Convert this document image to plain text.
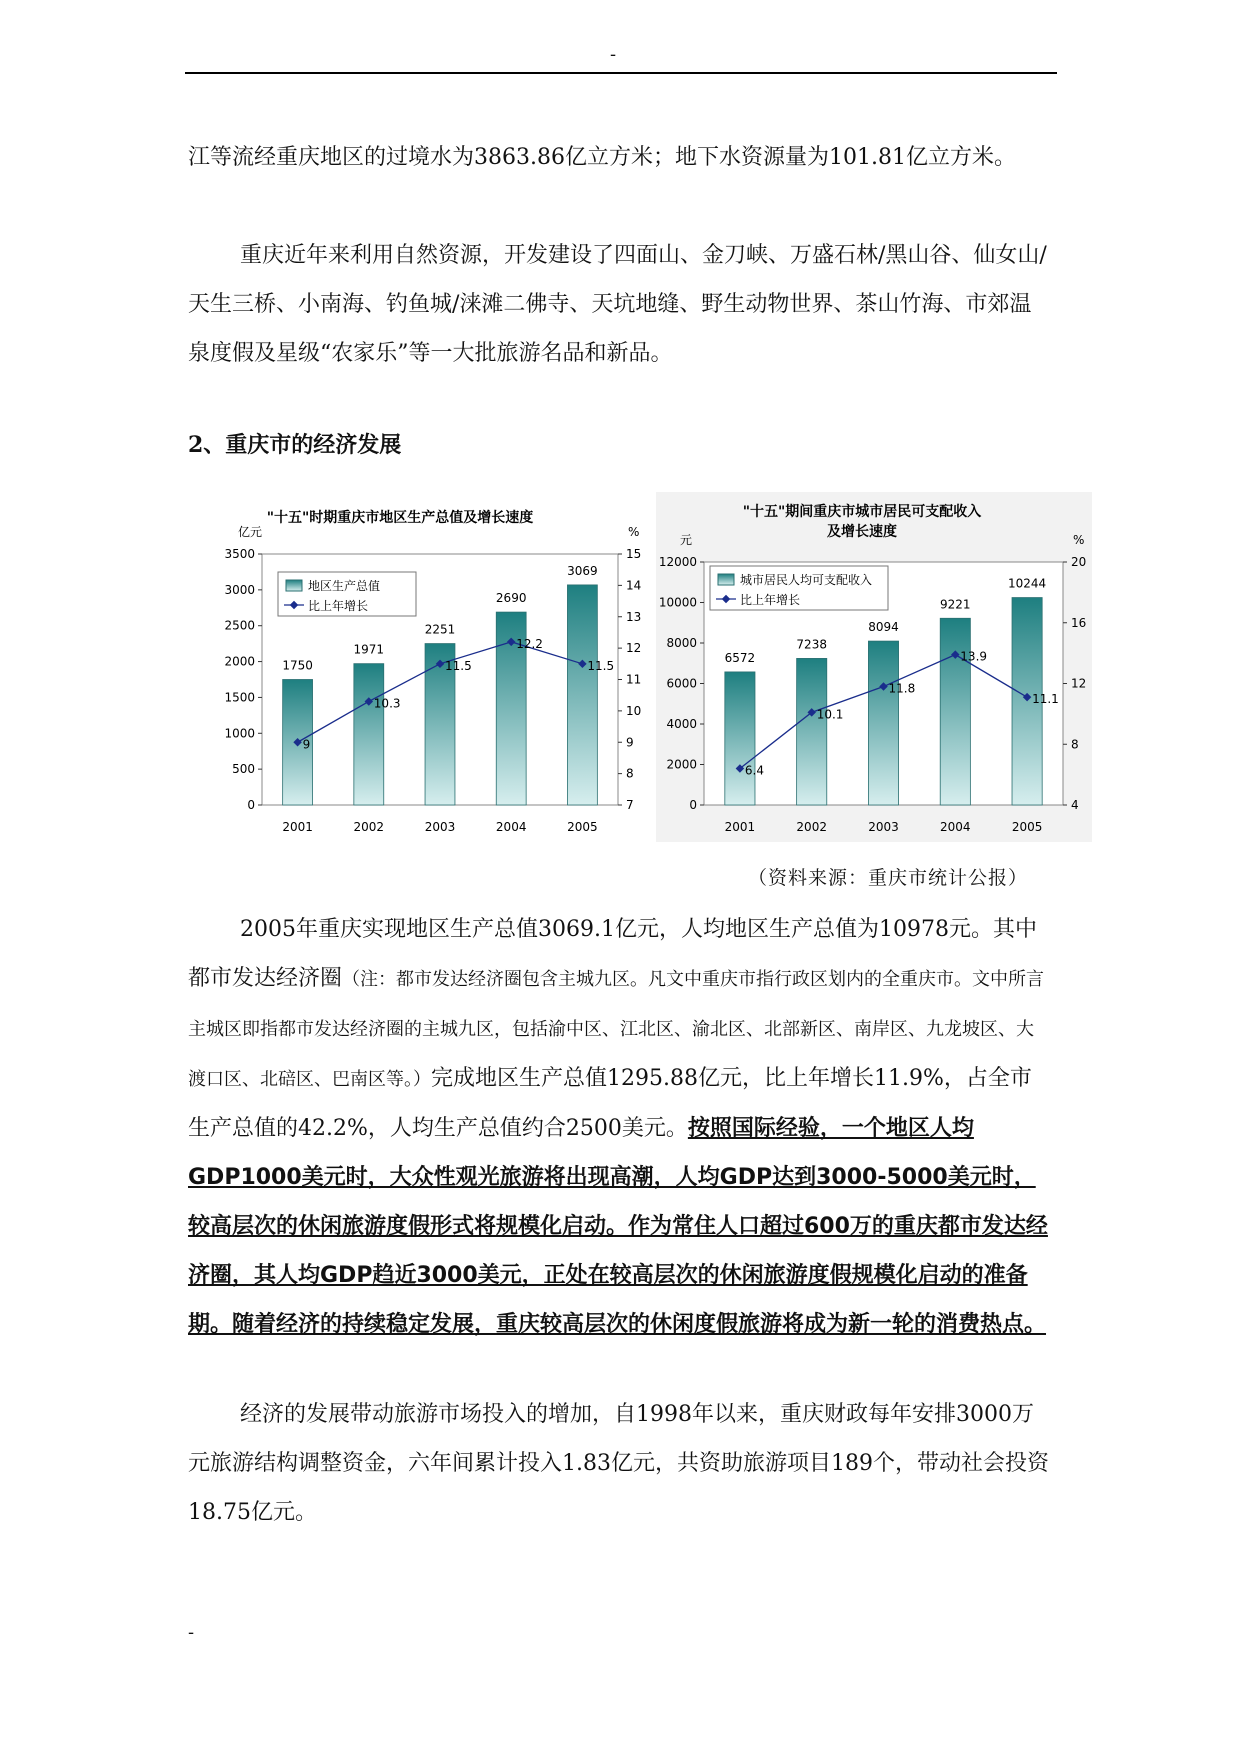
-

江等流经重庆地区的过境水为3863.86亿立方米；地下水资源量为101.81亿立方米。

重庆近年来利用自然资源，开发建设了四面山、金刀峡、万盛石林/黑山谷、仙女山/天生三桥、小南海、钓鱼城/涞滩二佛寺、天坑地缝、野生动物世界、茶山竹海、市郊温泉度假及星级“农家乐”等一大批旅游名品和新品。

2、重庆市的经济发展

"十五"时期重庆市地区生产总值及增长速度
亿元	%
0
500
1000
1500
2000
2500
3000
3500
7
8
9
10
11
12
13
14
15
1750
2001
1971
2002
2251
2003
2690
2004
3069
2005
9
10.3
11.5
12.2
11.5
地区生产总值
比上年增长
"十五"期间重庆市城市居民可支配收入
及增长速度
元	%
0
2000
4000
6000
8000
10000
12000
4
8
12
16
20
6572
2001
7238
2002
8094
2003
9221
2004
10244
2005
6.4
10.1
11.8
13.9
11.1
城市居民人均可支配收入
比上年增长
（资料来源：重庆市统计公报）

2005年重庆实现地区生产总值3069.1亿元，人均地区生产总值为10978元。其中都市发达经济圈（注：都市发达经济圈包含主城九区。凡文中重庆市指行政区划内的全重庆市。文中所言主城区即指都市发达经济圈的主城九区，包括渝中区、江北区、渝北区、北部新区、南岸区、九龙坡区、大渡口区、北碚区、巴南区等。）完成地区生产总值1295.88亿元，比上年增长11.9%，占全市生产总值的42.2%，人均生产总值约合2500美元。按照国际经验，一个地区人均GDP1000美元时，大众性观光旅游将出现高潮，人均GDP达到3000-5000美元时，较高层次的休闲旅游度假形式将规模化启动。作为常住人口超过600万的重庆都市发达经济圈，其人均GDP趋近3000美元，正处在较高层次的休闲旅游度假规模化启动的准备期。随着经济的持续稳定发展，重庆较高层次的休闲度假旅游将成为新一轮的消费热点。

经济的发展带动旅游市场投入的增加，自1998年以来，重庆财政每年安排3000万元旅游结构调整资金，六年间累计投入1.83亿元，共资助旅游项目189个，带动社会投资18.75亿元。

-
